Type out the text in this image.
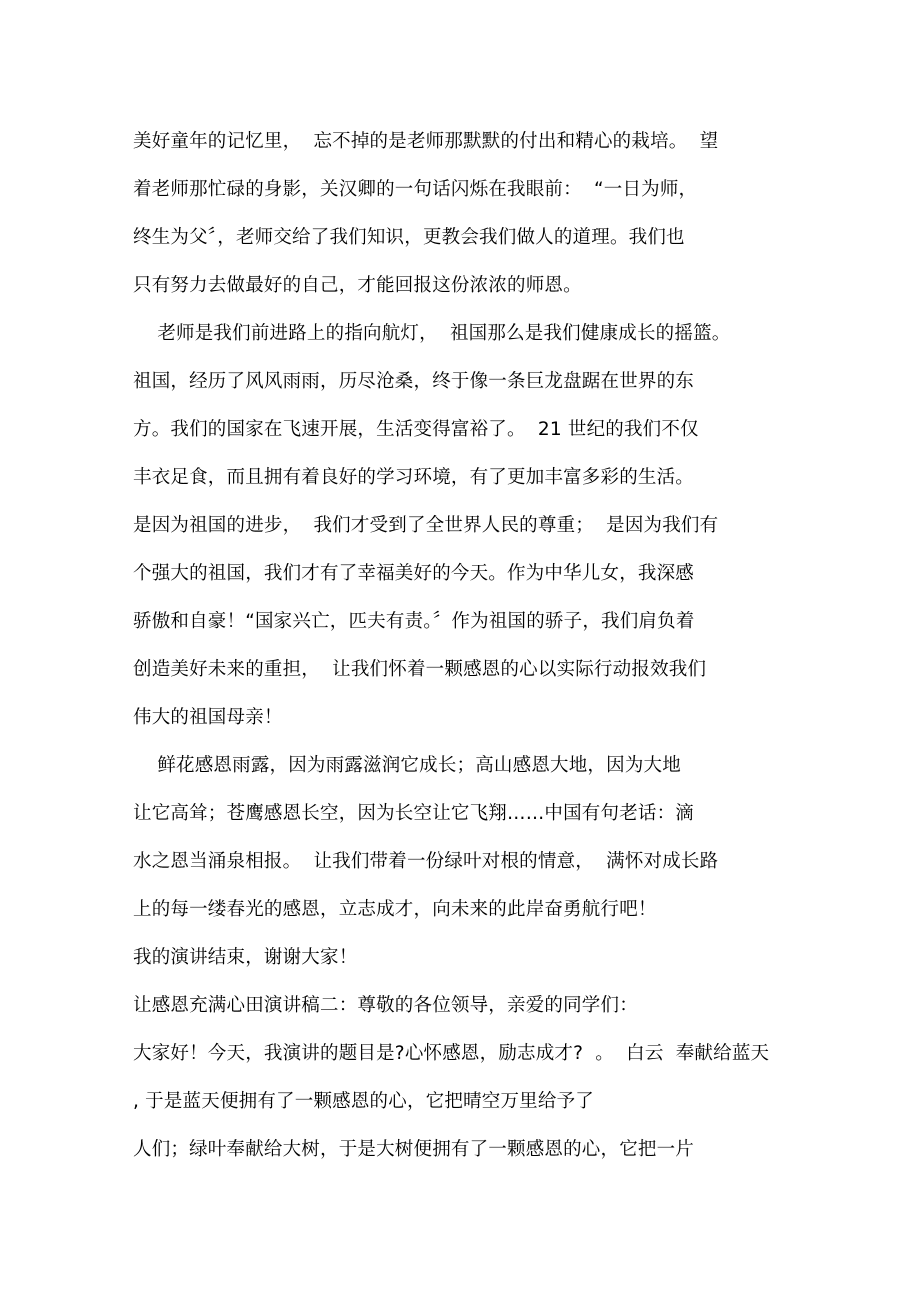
美好童年的记忆里，  忘不掉的是老师那默默的付出和精心的栽培。  望
着老师那忙碌的身影，关汉卿的一句话闪烁在我眼前：  “一日为师，
终生为父〞，老师交给了我们知识，更教会我们做人的道理。我们也
只有努力去做最好的自己，才能回报这份浓浓的师恩。
老师是我们前进路上的指向航灯，  祖国那么是我们健康成长的摇篮。
祖国，经历了风风雨雨，历尽沧桑，终于像一条巨龙盘踞在世界的东
方。我们的国家在飞速开展，生活变得富裕了。  21 世纪的我们不仅
丰衣足食，而且拥有着良好的学习环境，有了更加丰富多彩的生活。
是因为祖国的进步，  我们才受到了全世界人民的尊重；  是因为我们有
个强大的祖国，我们才有了幸福美好的今天。作为中华儿女，我深感
骄傲和自豪！“国家兴亡，匹夫有责。〞作为祖国的骄子，我们肩负着
创造美好未来的重担，  让我们怀着一颗感恩的心以实际行动报效我们
伟大的祖国母亲！
鲜花感恩雨露，因为雨露滋润它成长；高山感恩大地，因为大地
让它高耸；苍鹰感恩长空，因为长空让它飞翔……中国有句老话：滴
水之恩当涌泉相报。  让我们带着一份绿叶对根的情意，  满怀对成长路
上的每一缕春光的感恩，立志成才，向未来的此岸奋勇航行吧！
我的演讲结束，谢谢大家！
让感恩充满心田演讲稿二：尊敬的各位领导，亲爱的同学们：
大家好！今天，我演讲的题目是?心怀感恩，励志成才?  。  白云  奉献给蓝天
, 于是蓝天便拥有了一颗感恩的心，它把晴空万里给予了
人们；绿叶奉献给大树，于是大树便拥有了一颗感恩的心，它把一片
